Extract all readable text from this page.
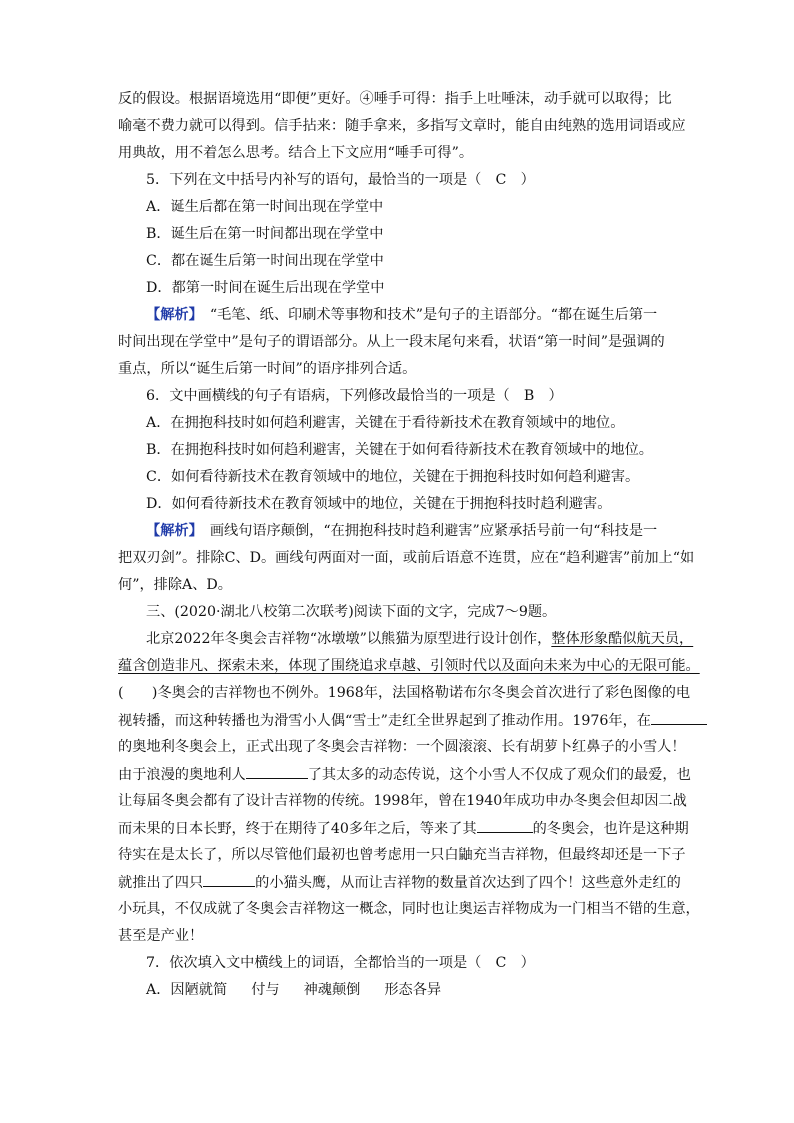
反的假设。根据语境选用“即便”更好。④唾手可得：指手上吐唾沫，动手就可以取得；比
喻毫不费力就可以得到。信手拈来：随手拿来，多指写文章时，能自由纯熟的选用词语或应
用典故，用不着怎么思考。结合上下文应用“唾手可得”。
5．下列在文中括号内补写的语句，最恰当的一项是（　C　）
A．诞生后都在第一时间出现在学堂中
B．诞生后在第一时间都出现在学堂中
C．都在诞生后第一时间出现在学堂中
D．都第一时间在诞生后出现在学堂中
【解析】　“毛笔、纸、印刷术等事物和技术”是句子的主语部分。“都在诞生后第一
时间出现在学堂中”是句子的谓语部分。从上一段末尾句来看，状语“第一时间”是强调的
重点，所以“诞生后第一时间”的语序排列合适。
6．文中画横线的句子有语病，下列修改最恰当的一项是（　B　）
A．在拥抱科技时如何趋利避害，关键在于看待新技术在教育领域中的地位。
B．在拥抱科技时如何趋利避害，关键在于如何看待新技术在教育领域中的地位。
C．如何看待新技术在教育领域中的地位，关键在于拥抱科技时如何趋利避害。
D．如何看待新技术在教育领域中的地位，关键在于拥抱科技时趋利避害。
【解析】　画线句语序颠倒，“在拥抱科技时趋利避害”应紧承括号前一句“科技是一
把双刃剑”。排除C、D。画线句两面对一面，或前后语意不连贯，应在“趋利避害”前加上“如
何”，排除A、D。
三、(2020·湖北八校第二次联考)阅读下面的文字，完成7～9题。
北京2022年冬奥会吉祥物“冰墩墩”以熊猫为原型进行设计创作，整体形象酷似航天员，
蕴含创造非凡、探索未来，体现了围绕追求卓越、引领时代以及面向未来为中心的无限可能。
(　　)冬奥会的吉祥物也不例外。1968年，法国格勒诺布尔冬奥会首次进行了彩色图像的电
视转播，而这种转播也为滑雪小人偶“雪士”走红全世界起到了推动作用。1976年，在
的奥地利冬奥会上，正式出现了冬奥会吉祥物：一个圆滚滚、长有胡萝卜红鼻子的小雪人！
由于浪漫的奥地利人	了其太多的动态传说，这个小雪人不仅成了观众们的最爱，也
让每届冬奥会都有了设计吉祥物的传统。1998年，曾在1940年成功申办冬奥会但却因二战
而未果的日本长野，终于在期待了40多年之后，等来了其	的冬奥会，也许是这种期
待实在是太长了，所以尽管他们最初也曾考虑用一只白鼬充当吉祥物，但最终却还是一下子
就推出了四只	的小猫头鹰，从而让吉祥物的数量首次达到了四个！这些意外走红的
小玩具，不仅成就了冬奥会吉祥物这一概念，同时也让奥运吉祥物成为一门相当不错的生意，
甚至是产业！
7．依次填入文中横线上的词语，全都恰当的一项是（　C　）
A．因陋就简 付与 神魂颠倒 形态各异
